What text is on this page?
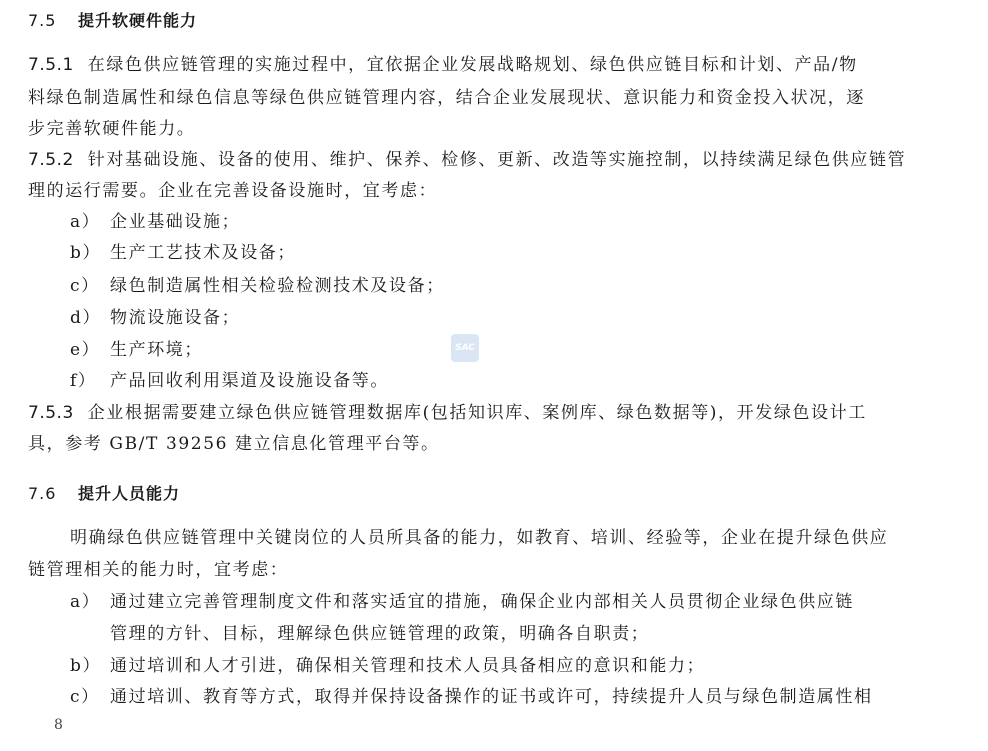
7.5 提升软硬件能力
7.5.1 在绿色供应链管理的实施过程中，宜依据企业发展战略规划、绿色供应链目标和计划、产品/物
料绿色制造属性和绿色信息等绿色供应链管理内容，结合企业发展现状、意识能力和资金投入状况，逐
步完善软硬件能力。
7.5.2 针对基础设施、设备的使用、维护、保养、检修、更新、改造等实施控制，以持续满足绿色供应链管
理的运行需要。企业在完善设备设施时，宜考虑：
a） 企业基础设施；
b） 生产工艺技术及设备；
c） 绿色制造属性相关检验检测技术及设备；
d） 物流设施设备；
e） 生产环境；
f） 产品回收利用渠道及设施设备等。
SAC
7.5.3 企业根据需要建立绿色供应链管理数据库(包括知识库、案例库、绿色数据等)，开发绿色设计工
具，参考 GB/T 39256 建立信息化管理平台等。
7.6 提升人员能力
明确绿色供应链管理中关键岗位的人员所具备的能力，如教育、培训、经验等，企业在提升绿色供应
链管理相关的能力时，宜考虑：
a） 通过建立完善管理制度文件和落实适宜的措施，确保企业内部相关人员贯彻企业绿色供应链
管理的方针、目标，理解绿色供应链管理的政策，明确各自职责；
b） 通过培训和人才引进，确保相关管理和技术人员具备相应的意识和能力；
c） 通过培训、教育等方式，取得并保持设备操作的证书或许可，持续提升人员与绿色制造属性相
8
